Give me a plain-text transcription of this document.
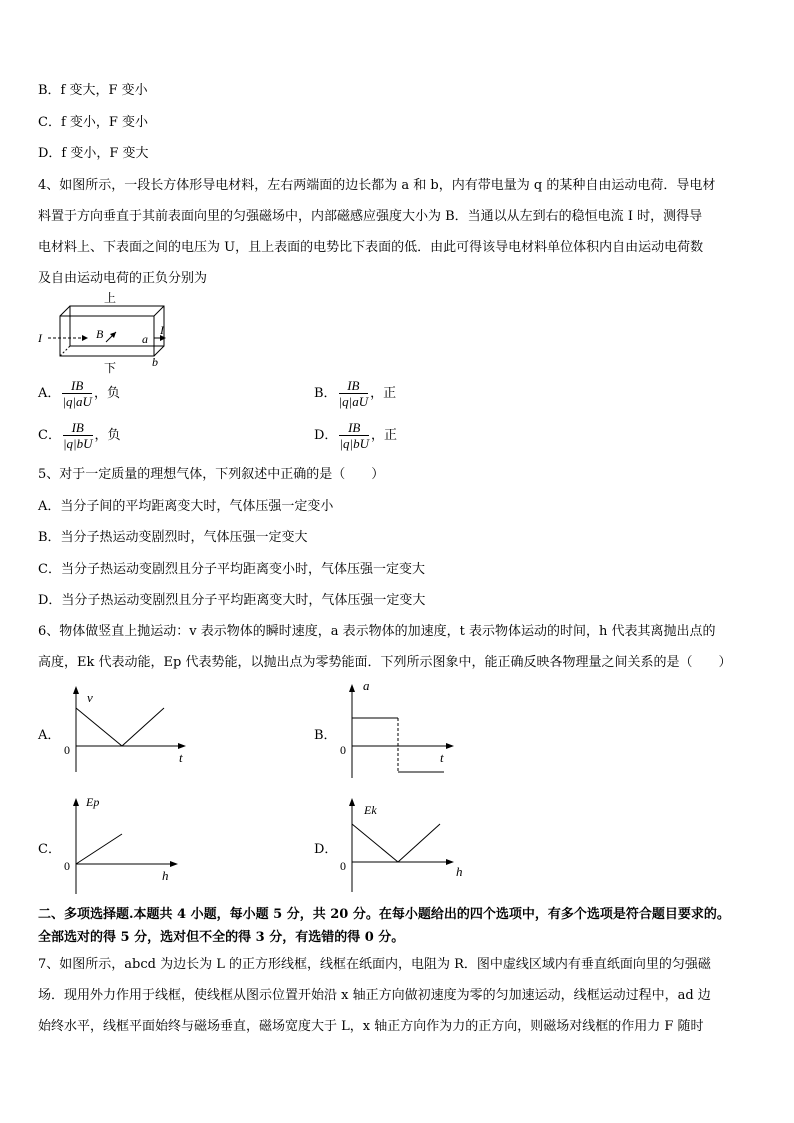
B．f 变大，F 变小
C．f 变小，F 变小
D．f 变小，F 变大
4、如图所示，一段长方体形导电材料，左右两端面的边长都为 a 和 b，内有带电量为 q 的某种自由运动电荷．导电材
料置于方向垂直于其前表面向里的匀强磁场中，内部磁感应强度大小为 B．当通以从左到右的稳恒电流 I 时，测得导
电材料上、下表面之间的电压为 U，且上表面的电势比下表面的低．由此可得该导电材料单位体积内自由运动电荷数
及自由运动电荷的正负分别为
上
下
I
I
B	a
b
A． $\frac{IB}{|q|aU}$ ，负	B． $\frac{IB}{|q|aU}$ ，正
C． $\frac{IB}{|q|bU}$ ，负	D． $\frac{IB}{|q|bU}$ ，正
5、对于一定质量的理想气体，下列叙述中正确的是（　　）
A．当分子间的平均距离变大时，气体压强一定变小
B．当分子热运动变剧烈时，气体压强一定变大
C．当分子热运动变剧烈且分子平均距离变小时，气体压强一定变大
D．当分子热运动变剧烈且分子平均距离变大时，气体压强一定变大
6、物体做竖直上抛运动：v 表示物体的瞬时速度，a 表示物体的加速度，t 表示物体运动的时间，h 代表其离抛出点的
高度，Ek 代表动能，Ep 代表势能，以抛出点为零势能面．下列所示图象中，能正确反映各物理量之间关系的是（　　）
A．
v
t
0
B．
a
t
0
C．
Ep
h
0
D．
Ek
h
0
二、多项选择题.本题共 4 小题，每小题 5 分，共 20 分。在每小题给出的四个选项中，有多个选项是符合题目要求的。
全部选对的得 5 分，选对但不全的得 3 分，有选错的得 0 分。
7、如图所示，abcd 为边长为 L 的正方形线框，线框在纸面内，电阻为 R．图中虚线区域内有垂直纸面向里的匀强磁
场．现用外力作用于线框，使线框从图示位置开始沿 x 轴正方向做初速度为零的匀加速运动，线框运动过程中，ad 边
始终水平，线框平面始终与磁场垂直，磁场宽度大于 L，x 轴正方向作为力的正方向，则磁场对线框的作用力 F 随时
